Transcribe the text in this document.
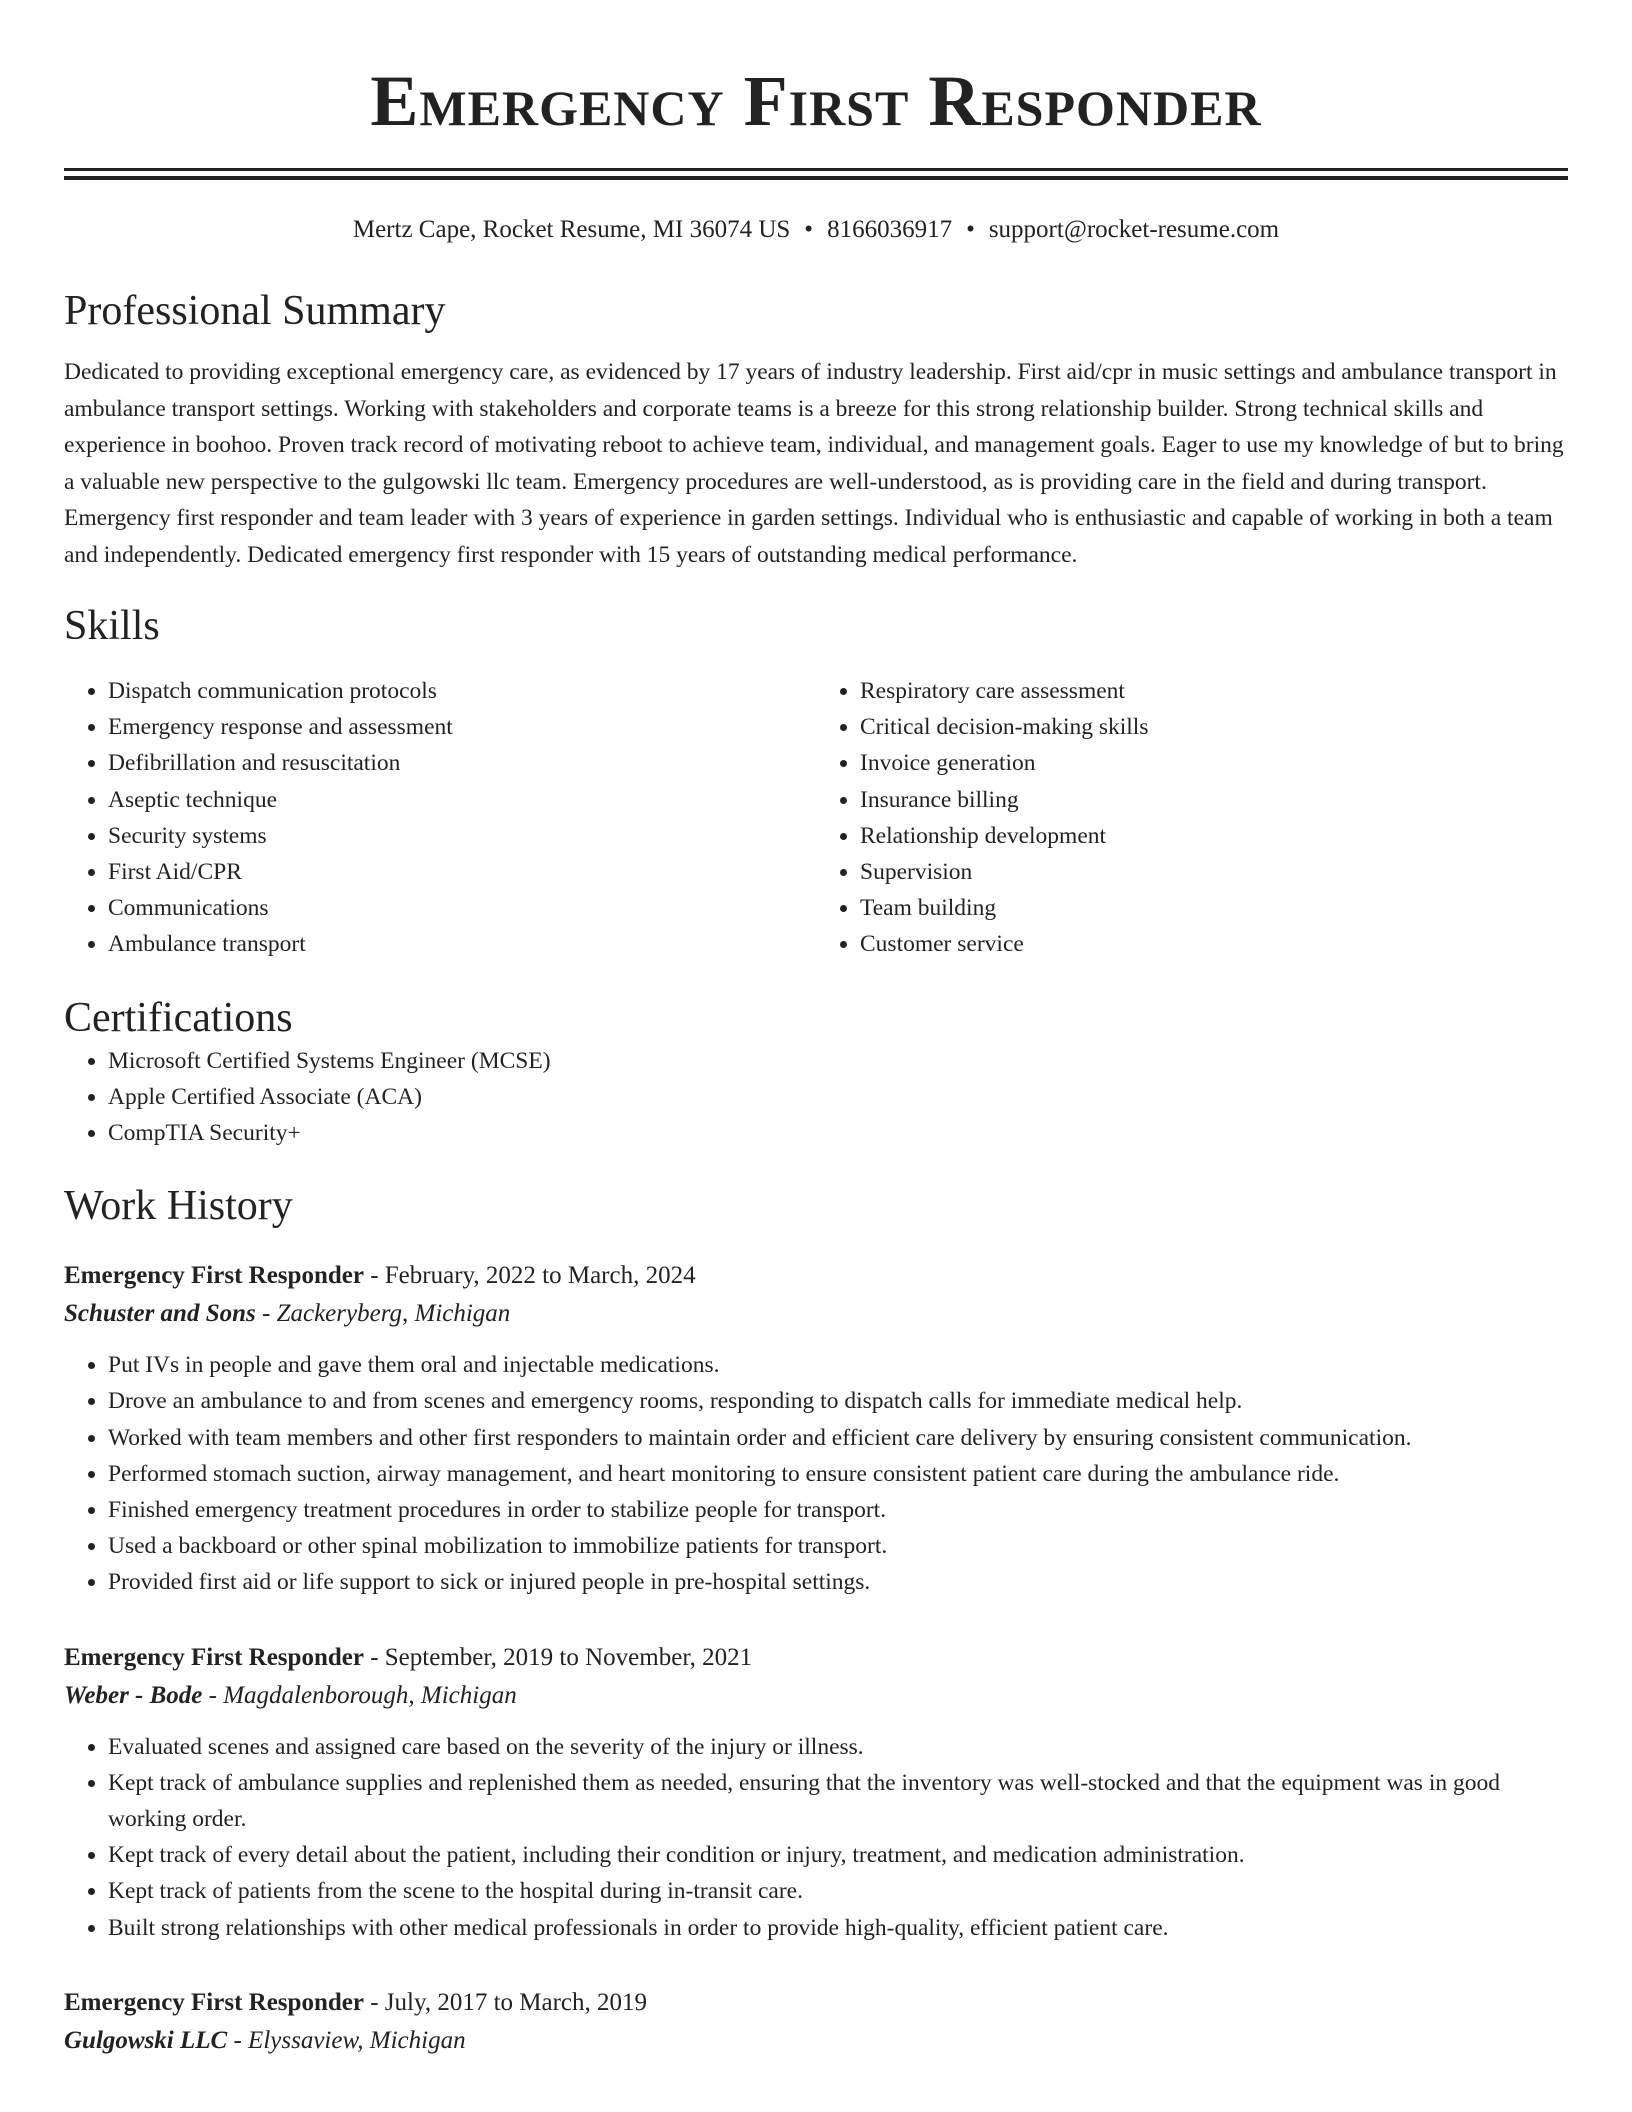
Emergency First Responder
Mertz Cape, Rocket Resume, MI 36074 US • 8166036917 • support@rocket-resume.com
Professional Summary
Dedicated to providing exceptional emergency care, as evidenced by 17 years of industry leadership. First aid/cpr in music settings and ambulance transport in ambulance transport settings. Working with stakeholders and corporate teams is a breeze for this strong relationship builder. Strong technical skills and experience in boohoo. Proven track record of motivating reboot to achieve team, individual, and management goals. Eager to use my knowledge of but to bring a valuable new perspective to the gulgowski llc team. Emergency procedures are well-understood, as is providing care in the field and during transport. Emergency first responder and team leader with 3 years of experience in garden settings. Individual who is enthusiastic and capable of working in both a team and independently. Dedicated emergency first responder with 15 years of outstanding medical performance.
Skills
• Dispatch communication protocols
• Emergency response and assessment
• Defibrillation and resuscitation
• Aseptic technique
• Security systems
• First Aid/CPR
• Communications
• Ambulance transport
• Respiratory care assessment
• Critical decision-making skills
• Invoice generation
• Insurance billing
• Relationship development
• Supervision
• Team building
• Customer service
Certifications
• Microsoft Certified Systems Engineer (MCSE)
• Apple Certified Associate (ACA)
• CompTIA Security+
Work History
Emergency First Responder - February, 2022 to March, 2024
Schuster and Sons - Zackeryberg, Michigan
• Put IVs in people and gave them oral and injectable medications.
• Drove an ambulance to and from scenes and emergency rooms, responding to dispatch calls for immediate medical help.
• Worked with team members and other first responders to maintain order and efficient care delivery by ensuring consistent communication.
• Performed stomach suction, airway management, and heart monitoring to ensure consistent patient care during the ambulance ride.
• Finished emergency treatment procedures in order to stabilize people for transport.
• Used a backboard or other spinal mobilization to immobilize patients for transport.
• Provided first aid or life support to sick or injured people in pre-hospital settings.
Emergency First Responder - September, 2019 to November, 2021
Weber - Bode - Magdalenborough, Michigan
• Evaluated scenes and assigned care based on the severity of the injury or illness.
• Kept track of ambulance supplies and replenished them as needed, ensuring that the inventory was well-stocked and that the equipment was in good working order.
• Kept track of every detail about the patient, including their condition or injury, treatment, and medication administration.
• Kept track of patients from the scene to the hospital during in-transit care.
• Built strong relationships with other medical professionals in order to provide high-quality, efficient patient care.
Emergency First Responder - July, 2017 to March, 2019
Gulgowski LLC - Elyssaview, Michigan
